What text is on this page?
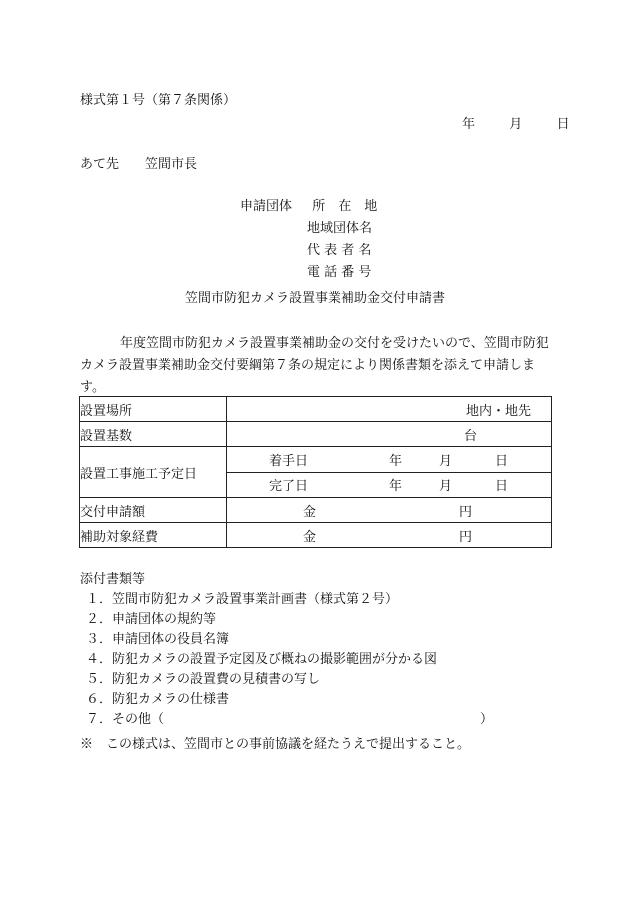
様式第１号（第７条関係）
年	月	日
あて先　　笠間市長
申請団体 所　在　地
地域団体名
代 表 者 名
電 話 番 号
笠間市防犯カメラ設置事業補助金交付申請書
年度笠間市防犯カメラ設置事業補助金の交付を受けたいので、笠間市防犯カメラ設置事業補助金交付要綱第７条の規定により関係書類を添えて申請します。
設置場所	地内・地先

設置基数	台

設置工事施工予定日	着手日 年 月 日

	完了日 年 月 日

交付申請額	金 円

補助対象経費	金 円
添付書類等
１．笠間市防犯カメラ設置事業計画書（様式第２号）
２．申請団体の規約等
３．申請団体の役員名簿
４．防犯カメラの設置予定図及び概ねの撮影範囲が分かる図
５．防犯カメラの設置費の見積書の写し
６．防犯カメラの仕様書
７．その他（	）
※　この様式は、笠間市との事前協議を経たうえで提出すること。
